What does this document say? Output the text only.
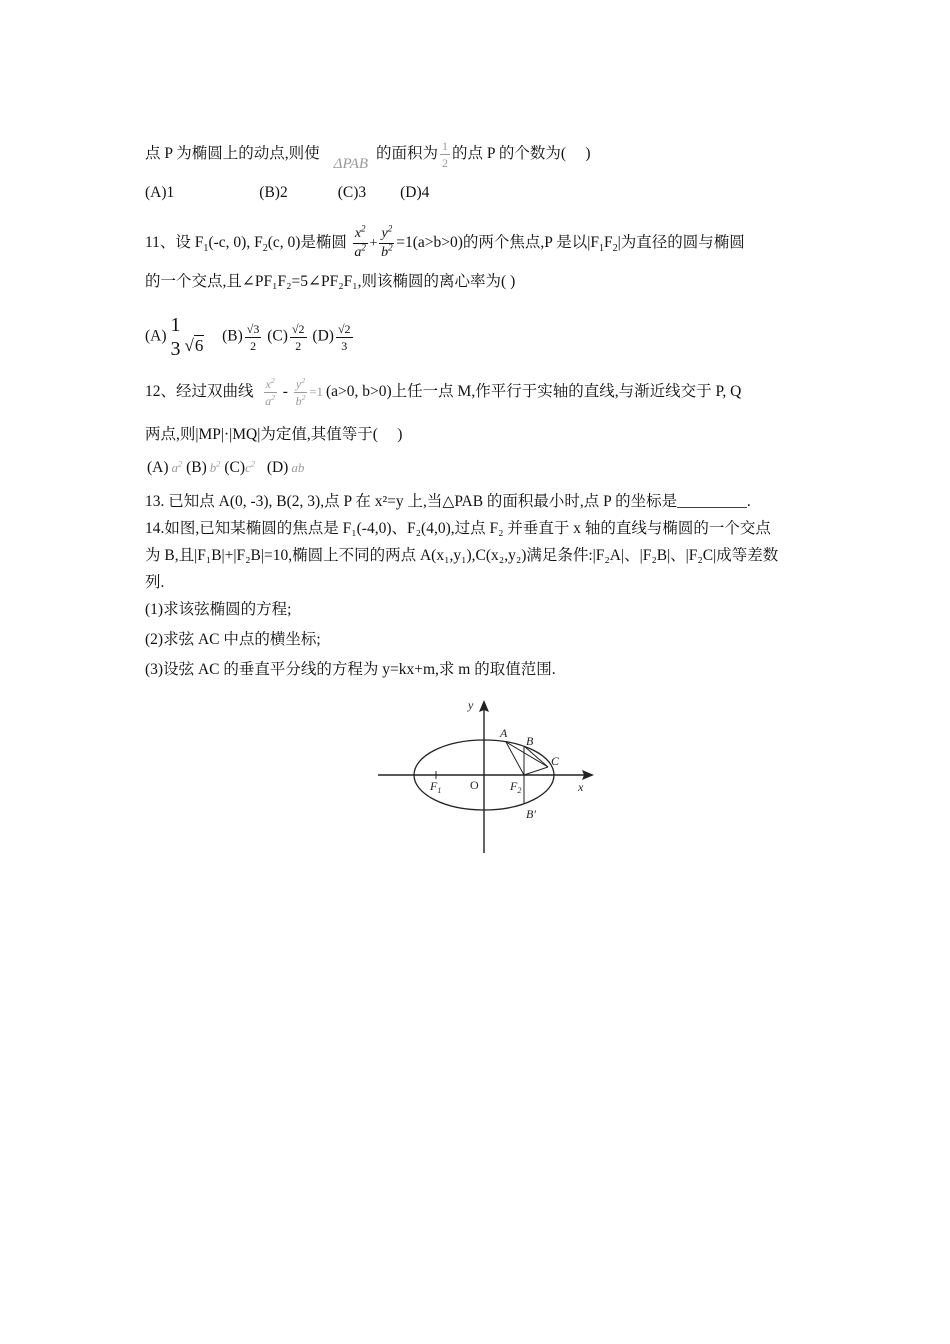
点 P 为椭圆上的动点,则使ΔPAB的面积为 $\frac{1}{2}$ 的点 P 的个数为(　 )
(A)1	(B)2	(C)3 (D)4
11、设 $F_1(-c$, 0), $F_2(c$, 0)是椭圆 $\frac{x^2}{a^2} + \frac{y^2}{b^2} =1(a>b>0)$的两个焦点,P 是以$|F_1F_2|$为直径的圆与椭圆
的一个交点,且∠PF₁F₂=5∠PF₂F₁,则该椭圆的离心率为( )
(A)
1
3 √6 $(B) \frac{√3}{2} (C) \frac{√2}{2} (D) \frac{√2}{3}$
12、经过双曲线 $\frac{x^2}{a^2} - \frac{y^2}{b^2} =1$ (a>0, b>0)上任一点 M,作平行于实轴的直线,与渐近线交于 P, Q
两点,则|MP|·|MQ|为定值,其值等于(　 )
(A) $a^2$ (B) $b^2$ $(C)c^2$ (D) ab
13. 已知点 A(0, -3), B(2, 3),点 P 在 x²=y 上,当△PAB 的面积最小时,点 P 的坐标是_________.
14.如图,已知某椭圆的焦点是 F₁(-4,0)、F₂(4,0),过点 F₂ 并垂直于 x 轴的直线与椭圆的一个交点
为 B,且|F₁B|+|F₂B|=10,椭圆上不同的两点 A(x₁,y₁),C(x₂,y₂)满足条件:|F₂A|、|F₂B|、|F₂C|成等差数
列.
(1)求该弦椭圆的方程;
(2)求弦 AC 中点的横坐标;
(3)设弦 AC 的垂直平分线的方程为 y=kx+m,求 m 的取值范围.
y
x
A
B
C
O
$F_1$	$F_2$
B′
